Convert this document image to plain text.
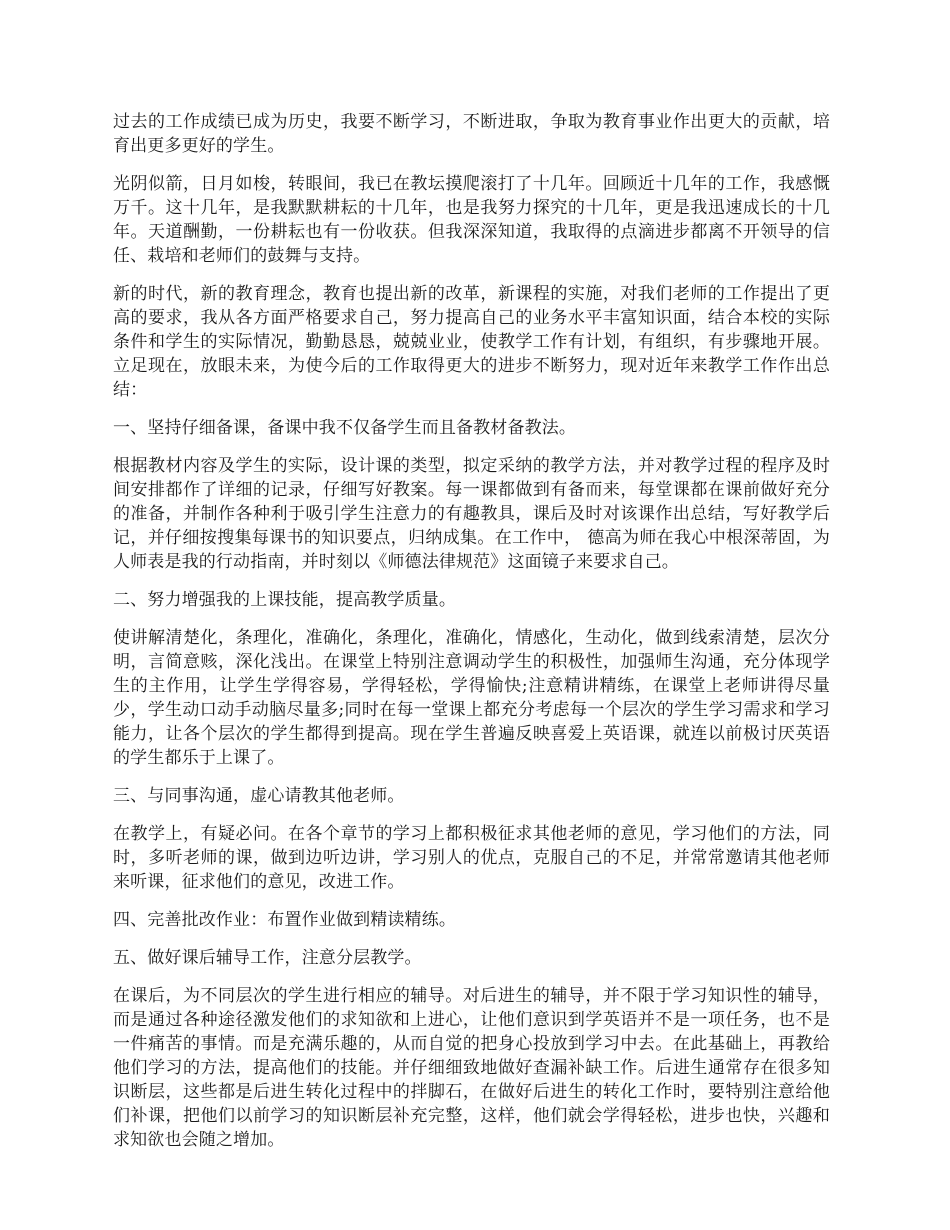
过去的工作成绩已成为历史，我要不断学习，不断进取，争取为教育事业作出更大的贡献，培育出更多更好的学生。

光阴似箭，日月如梭，转眼间，我已在教坛摸爬滚打了十几年。回顾近十几年的工作，我感慨万千。这十几年，是我默默耕耘的十几年，也是我努力探究的十几年，更是我迅速成长的十几年。天道酬勤，一份耕耘也有一份收获。但我深深知道，我取得的点滴进步都离不开领导的信任、栽培和老师们的鼓舞与支持。

新的时代，新的教育理念，教育也提出新的改革，新课程的实施，对我们老师的工作提出了更高的要求，我从各方面严格要求自己，努力提高自己的业务水平丰富知识面，结合本校的实际条件和学生的实际情况，勤勤恳恳，兢兢业业，使教学工作有计划，有组织，有步骤地开展。立足现在，放眼未来，为使今后的工作取得更大的进步不断努力，现对近年来教学工作作出总结：

一、坚持仔细备课，备课中我不仅备学生而且备教材备教法。

根据教材内容及学生的实际，设计课的类型，拟定采纳的教学方法，并对教学过程的程序及时间安排都作了详细的记录，仔细写好教案。每一课都做到有备而来，每堂课都在课前做好充分的准备，并制作各种利于吸引学生注意力的有趣教具，课后及时对该课作出总结，写好教学后记，并仔细按搜集每课书的知识要点，归纳成集。在工作中， 德高为师在我心中根深蒂固，为人师表是我的行动指南，并时刻以《师德法律规范》这面镜子来要求自己。

二、努力增强我的上课技能，提高教学质量。

使讲解清楚化，条理化，准确化，条理化，准确化，情感化，生动化，做到线索清楚，层次分明，言简意赅，深化浅出。在课堂上特别注意调动学生的积极性，加强师生沟通，充分体现学生的主作用，让学生学得容易，学得轻松，学得愉快;注意精讲精练，在课堂上老师讲得尽量少，学生动口动手动脑尽量多;同时在每一堂课上都充分考虑每一个层次的学生学习需求和学习能力，让各个层次的学生都得到提高。现在学生普遍反映喜爱上英语课，就连以前极讨厌英语的学生都乐于上课了。

三、与同事沟通，虚心请教其他老师。

在教学上，有疑必问。在各个章节的学习上都积极征求其他老师的意见，学习他们的方法，同时，多听老师的课，做到边听边讲，学习别人的优点，克服自己的不足，并常常邀请其他老师来听课，征求他们的意见，改进工作。

四、完善批改作业：布置作业做到精读精练。

五、做好课后辅导工作，注意分层教学。

在课后，为不同层次的学生进行相应的辅导。对后进生的辅导，并不限于学习知识性的辅导，而是通过各种途径激发他们的求知欲和上进心，让他们意识到学英语并不是一项任务，也不是一件痛苦的事情。而是充满乐趣的，从而自觉的把身心投放到学习中去。在此基础上，再教给他们学习的方法，提高他们的技能。并仔细细致地做好查漏补缺工作。后进生通常存在很多知识断层，这些都是后进生转化过程中的拌脚石，在做好后进生的转化工作时，要特别注意给他们补课，把他们以前学习的知识断层补充完整，这样，他们就会学得轻松，进步也快，兴趣和求知欲也会随之增加。
